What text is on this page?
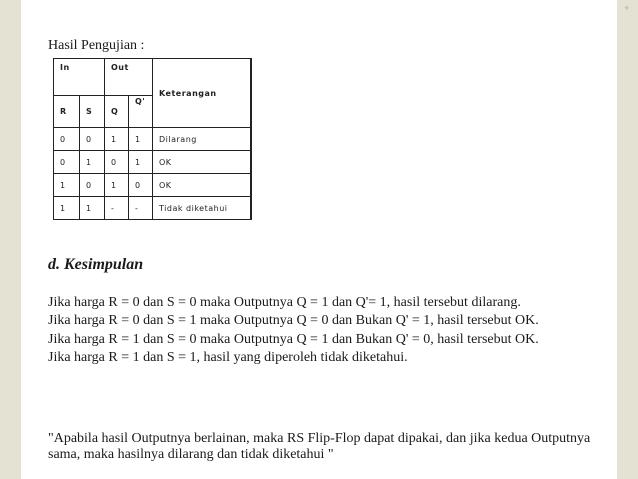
✦
Hasil Pengujian :
In		Out		Keterangan
R	S	Q	Q'	
0	0	1	1	Dilarang
0	1	0	1	OK
1	0	1	0	OK
1	1	-	-	Tidak diketahui
d. Kesimpulan
Jika harga R = 0 dan S = 0 maka Outputnya Q = 1 dan Q'= 1, hasil tersebut dilarang.
Jika harga R = 0 dan S = 1 maka Outputnya Q = 0 dan Bukan Q' = 1, hasil tersebut OK.
Jika harga R = 1 dan S = 0 maka Outputnya Q = 1 dan Bukan Q' = 0, hasil tersebut OK.
Jika harga R = 1 dan S = 1, hasil yang diperoleh tidak diketahui.
"Apabila hasil Outputnya berlainan, maka RS Flip-Flop dapat dipakai, dan jika kedua Outputnya sama, maka hasilnya dilarang dan tidak diketahui "
